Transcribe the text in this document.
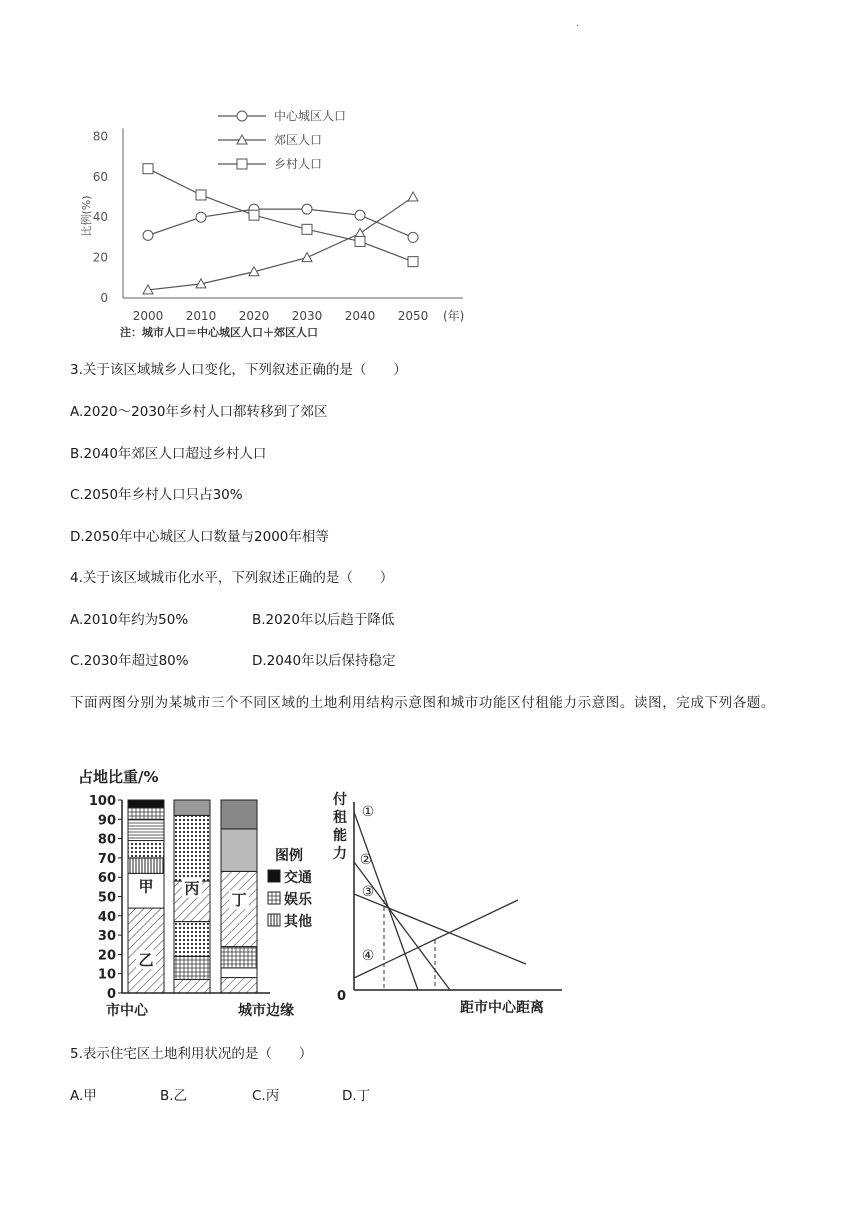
.
0
20
40
60
80
比例(%)
2000 2010 2020 2030 2040 2050 (年)
注：城市人口＝中心城区人口＋郊区人口
中心城区人口
郊区人口
乡村人口
3.关于该区域城乡人口变化，下列叙述正确的是（　　）
A.2020～2030年乡村人口都转移到了郊区
B.2040年郊区人口超过乡村人口
C.2050年乡村人口只占30%
D.2050年中心城区人口数量与2000年相等
4.关于该区域城市化水平，下列叙述正确的是（　　）
A.2010年约为50%	B.2020年以后趋于降低
C.2030年超过80%	D.2040年以后保持稳定
下面两图分别为某城市三个不同区域的土地利用结构示意图和城市功能区付租能力示意图。读图，完成下列各题。
占地比重/%
0
10
20
30
40
50
60
70
80
90
100
甲
乙
丙
丁
市中心	城市边缘
图例
交通
娱乐
其他
0
付
租
能
力
距市中心距离
①
②
③
④
5.表示住宅区土地利用状况的是（　　）
A.甲	B.乙	C.丙	D.丁
